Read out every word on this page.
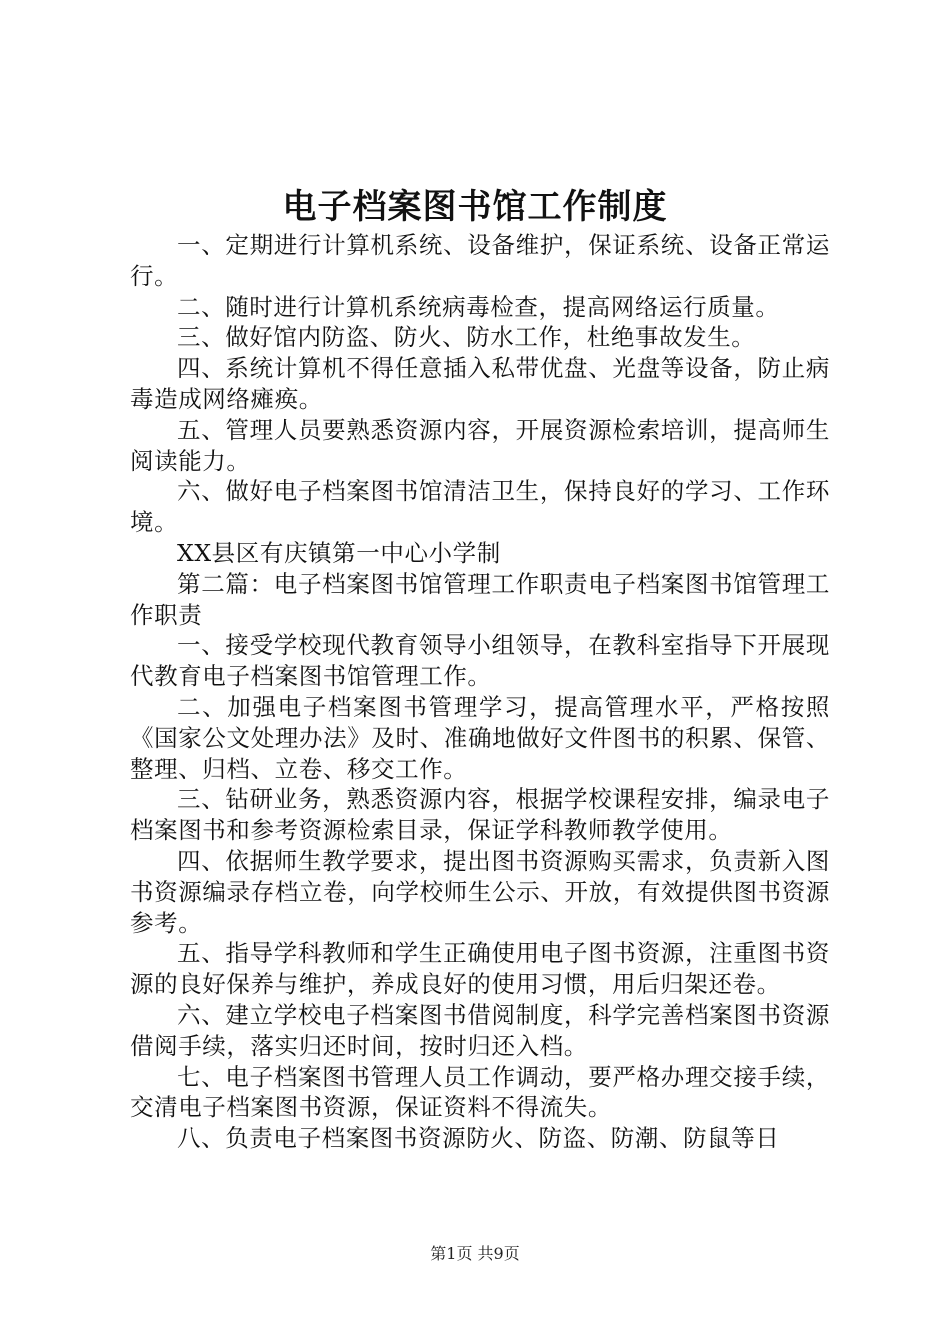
电子档案图书馆工作制度

一、定期进行计算机系统、设备维护，保证系统、设备正常运行。

二、随时进行计算机系统病毒检查，提高网络运行质量。

三、做好馆内防盗、防火、防水工作，杜绝事故发生。

四、系统计算机不得任意插入私带优盘、光盘等设备，防止病毒造成网络瘫痪。

五、管理人员要熟悉资源内容，开展资源检索培训，提高师生阅读能力。

六、做好电子档案图书馆清洁卫生，保持良好的学习、工作环境。

XX县区有庆镇第一中心小学制

第二篇：电子档案图书馆管理工作职责电子档案图书馆管理工作职责

一、接受学校现代教育领导小组领导，在教科室指导下开展现代教育电子档案图书馆管理工作。

二、加强电子档案图书管理学习，提高管理水平，严格按照《国家公文处理办法》及时、准确地做好文件图书的积累、保管、整理、归档、立卷、移交工作。

三、钻研业务，熟悉资源内容，根据学校课程安排，编录电子档案图书和参考资源检索目录，保证学科教师教学使用。

四、依据师生教学要求，提出图书资源购买需求，负责新入图书资源编录存档立卷，向学校师生公示、开放，有效提供图书资源参考。

五、指导学科教师和学生正确使用电子图书资源，注重图书资源的良好保养与维护，养成良好的使用习惯，用后归架还卷。

六、建立学校电子档案图书借阅制度，科学完善档案图书资源借阅手续，落实归还时间，按时归还入档。

七、电子档案图书管理人员工作调动，要严格办理交接手续，交清电子档案图书资源，保证资料不得流失。

八、负责电子档案图书资源防火、防盗、防潮、防鼠等日

第1页 共9页
